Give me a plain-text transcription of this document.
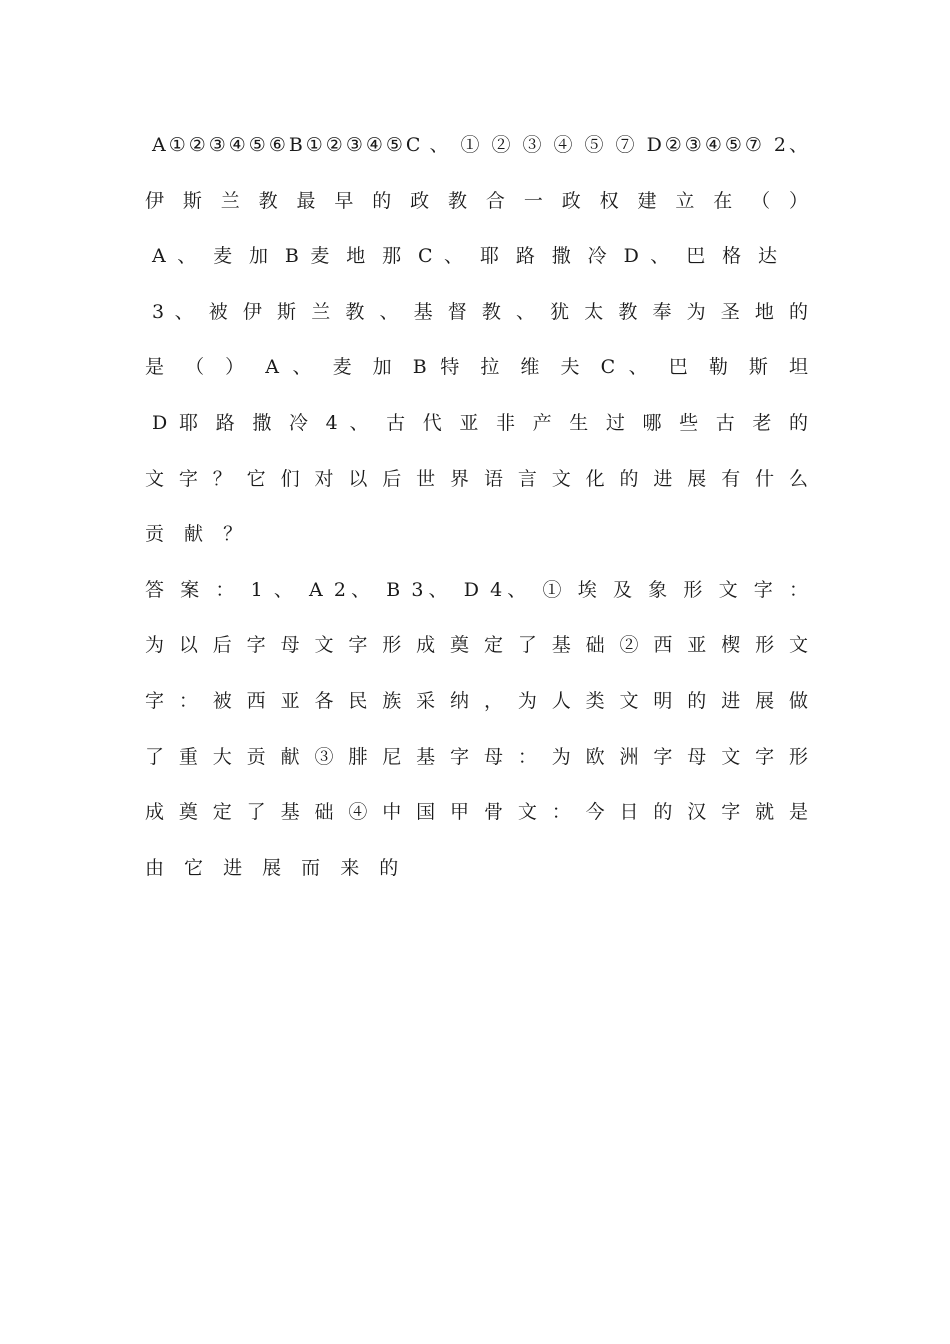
A①②③④⑤⑥B①②③④⑤C 、 ① ② ③ ④ ⑤ ⑦ D②③④⑤⑦ 2、
伊 斯 兰 教 最 早 的 政 教 合 一 政 权 建 立 在 （ ）
A 、 麦 加 B 麦 地 那 C 、 耶 路 撒 冷 D 、 巴 格 达
3 、 被 伊 斯 兰 教 、 基 督 教 、 犹 太 教 奉 为 圣 地 的
是 （ ） A 、 麦 加 B 特 拉 维 夫 C 、 巴 勒 斯 坦
D 耶 路 撒 冷 4 、 古 代 亚 非 产 生 过 哪 些 古 老 的
文 字 ？ 它 们 对 以 后 世 界 语 言 文 化 的 进 展 有 什 么
贡 献 ？
答 案 ： 1 、 A 2、 B 3、 D 4、 ① 埃 及 象 形 文 字 ：
为 以 后 字 母 文 字 形 成 奠 定 了 基 础 ② 西 亚 楔 形 文
字 ： 被 西 亚 各 民 族 采 纳 ， 为 人 类 文 明 的 进 展 做
了 重 大 贡 献 ③ 腓 尼 基 字 母 ： 为 欧 洲 字 母 文 字 形
成 奠 定 了 基 础 ④ 中 国 甲 骨 文 ： 今 日 的 汉 字 就 是
由 它 进 展 而 来 的
